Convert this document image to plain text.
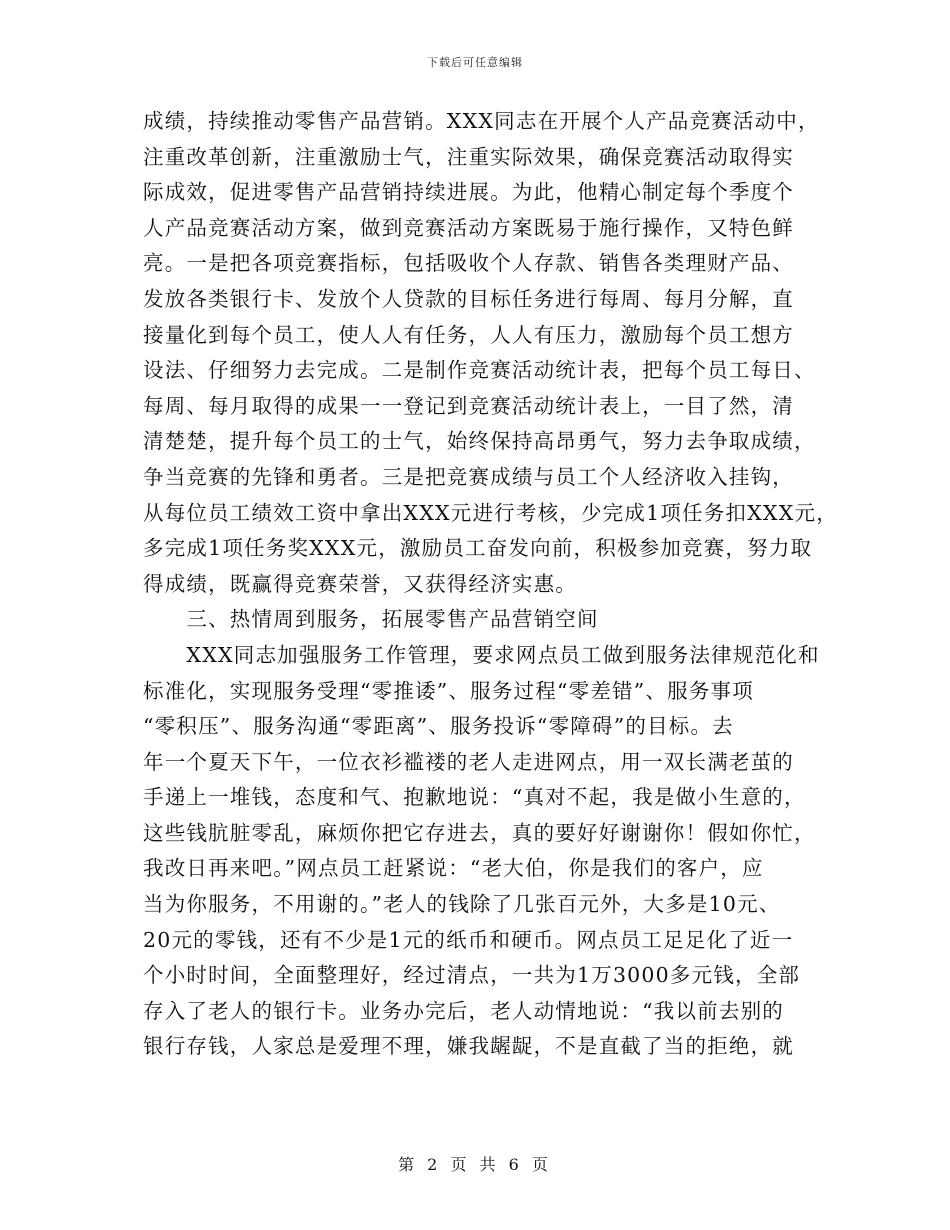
下载后可任意编辑
成绩，持续推动零售产品营销。XXX同志在开展个人产品竞赛活动中，
注重改革创新，注重激励士气，注重实际效果，确保竞赛活动取得实
际成效，促进零售产品营销持续进展。为此，他精心制定每个季度个
人产品竞赛活动方案，做到竞赛活动方案既易于施行操作，又特色鲜
亮。一是把各项竞赛指标，包括吸收个人存款、销售各类理财产品、
发放各类银行卡、发放个人贷款的目标任务进行每周、每月分解，直
接量化到每个员工，使人人有任务，人人有压力，激励每个员工想方
设法、仔细努力去完成。二是制作竞赛活动统计表，把每个员工每日、
每周、每月取得的成果一一登记到竞赛活动统计表上，一目了然，清
清楚楚，提升每个员工的士气，始终保持高昂勇气，努力去争取成绩，
争当竞赛的先锋和勇者。三是把竞赛成绩与员工个人经济收入挂钩，
从每位员工绩效工资中拿出XXX元进行考核，少完成1项任务扣XXX元，
多完成1项任务奖XXX元，激励员工奋发向前，积极参加竞赛，努力取
得成绩，既赢得竞赛荣誉，又获得经济实惠。
　　三、热情周到服务，拓展零售产品营销空间
　　XXX同志加强服务工作管理，要求网点员工做到服务法律规范化和
标准化，实现服务受理“零推诿”、服务过程“零差错”、服务事项
“零积压”、服务沟通“零距离”、服务投诉“零障碍”的目标。去
年一个夏天下午，一位衣衫褴褛的老人走进网点，用一双长满老茧的
手递上一堆钱，态度和气、抱歉地说：“真对不起，我是做小生意的，
这些钱肮脏零乱，麻烦你把它存进去，真的要好好谢谢你！假如你忙，
我改日再来吧。”网点员工赶紧说：“老大伯，你是我们的客户，应
当为你服务，不用谢的。”老人的钱除了几张百元外，大多是10元、
20元的零钱，还有不少是1元的纸币和硬币。网点员工足足化了近一
个小时时间，全面整理好，经过清点，一共为1万3000多元钱，全部
存入了老人的银行卡。业务办完后，老人动情地说：“我以前去别的
银行存钱，人家总是爱理不理，嫌我龌龊，不是直截了当的拒绝，就
第 2 页 共 6 页
